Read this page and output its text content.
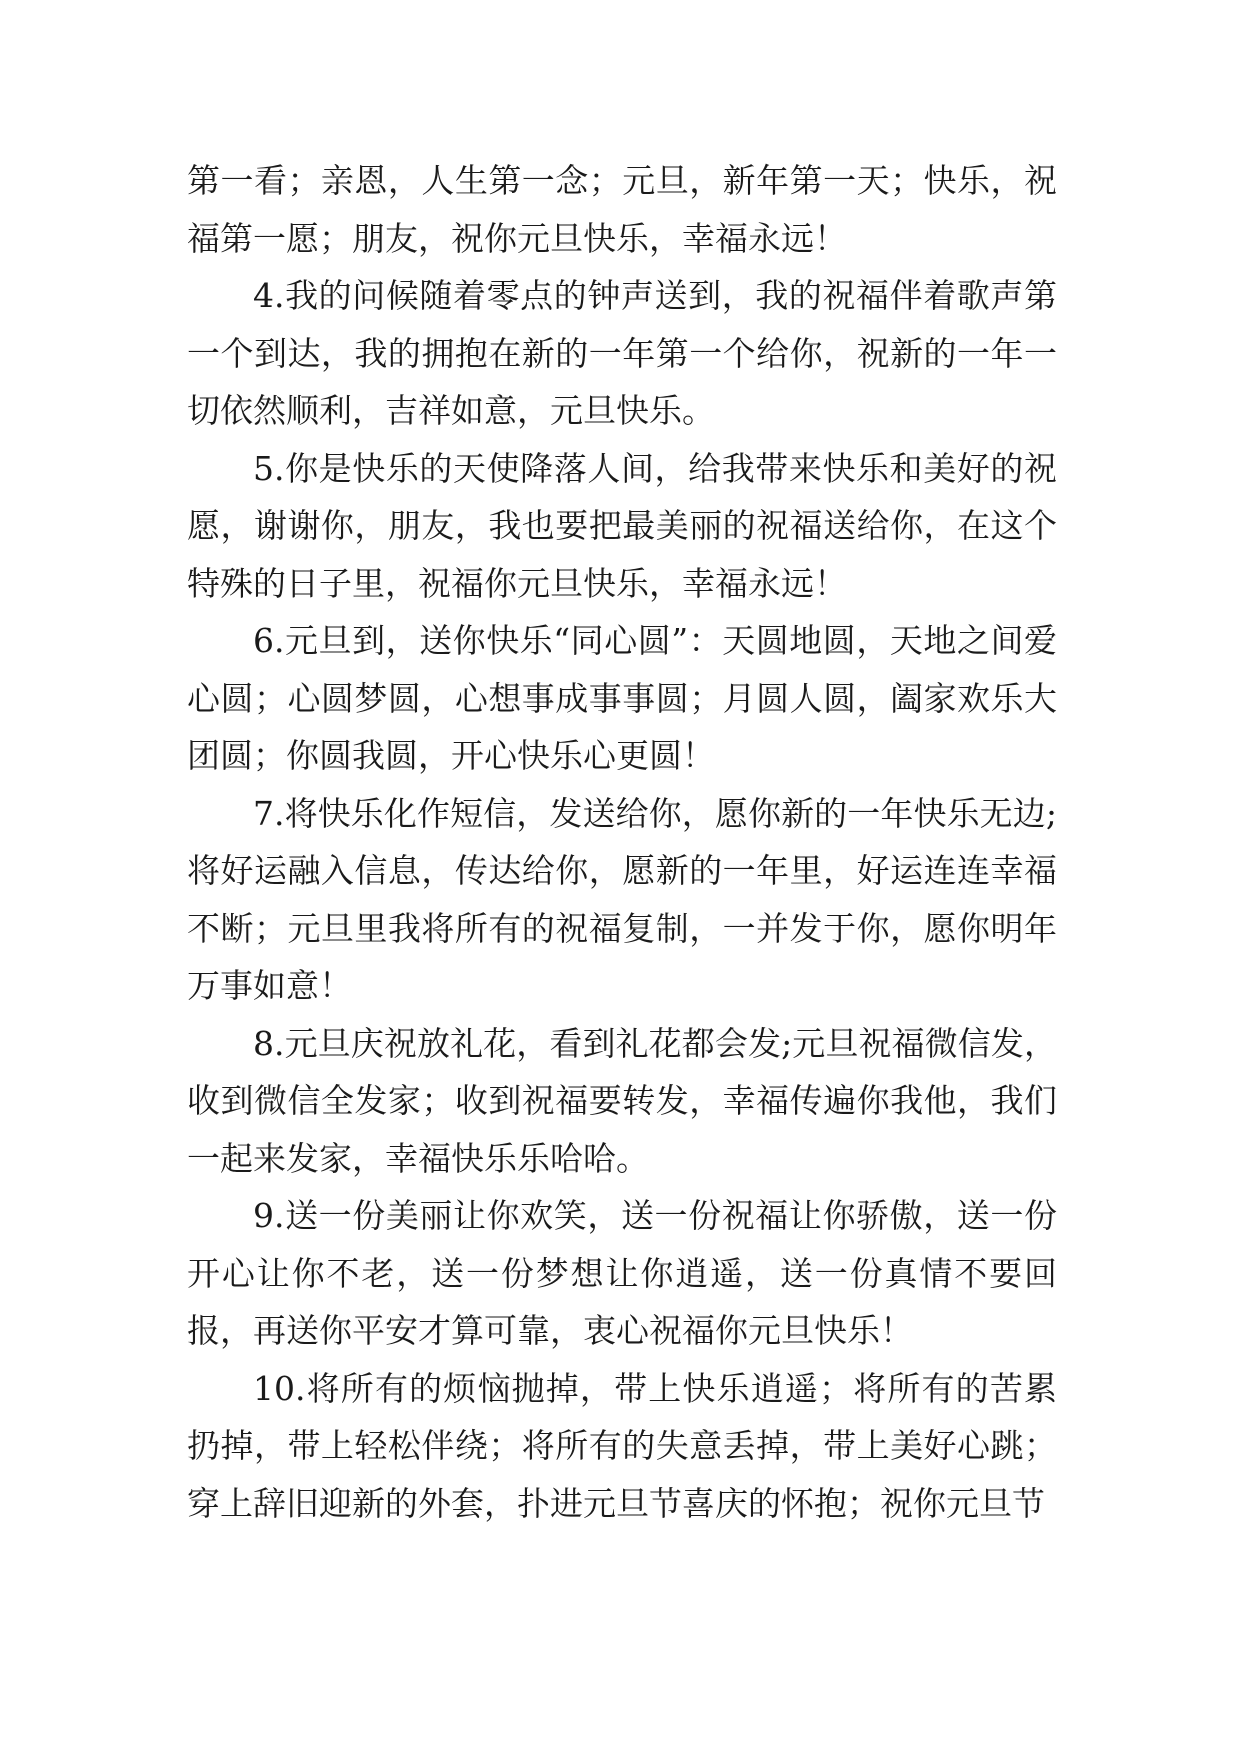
第一看；亲恩，人生第一念；元旦，新年第一天；快乐，祝福第一愿；朋友，祝你元旦快乐，幸福永远！

4.我的问候随着零点的钟声送到，我的祝福伴着歌声第一个到达，我的拥抱在新的一年第一个给你，祝新的一年一切依然顺利，吉祥如意，元旦快乐。

5.你是快乐的天使降落人间，给我带来快乐和美好的祝愿，谢谢你，朋友，我也要把最美丽的祝福送给你，在这个特殊的日子里，祝福你元旦快乐，幸福永远！

6.元旦到，送你快乐“同心圆”：天圆地圆，天地之间爱心圆；心圆梦圆，心想事成事事圆；月圆人圆，阖家欢乐大团圆；你圆我圆，开心快乐心更圆！

7.将快乐化作短信，发送给你，愿你新的一年快乐无边;将好运融入信息，传达给你，愿新的一年里，好运连连幸福不断；元旦里我将所有的祝福复制，一并发于你，愿你明年万事如意！

8.元旦庆祝放礼花，看到礼花都会发;元旦祝福微信发，收到微信全发家；收到祝福要转发，幸福传遍你我他，我们一起来发家，幸福快乐乐哈哈。

9.送一份美丽让你欢笑，送一份祝福让你骄傲，送一份开心让你不老，送一份梦想让你逍遥，送一份真情不要回报，再送你平安才算可靠，衷心祝福你元旦快乐！

10.将所有的烦恼抛掉，带上快乐逍遥；将所有的苦累扔掉，带上轻松伴绕；将所有的失意丢掉，带上美好心跳；穿上辞旧迎新的外套，扑进元旦节喜庆的怀抱；祝你元旦节
